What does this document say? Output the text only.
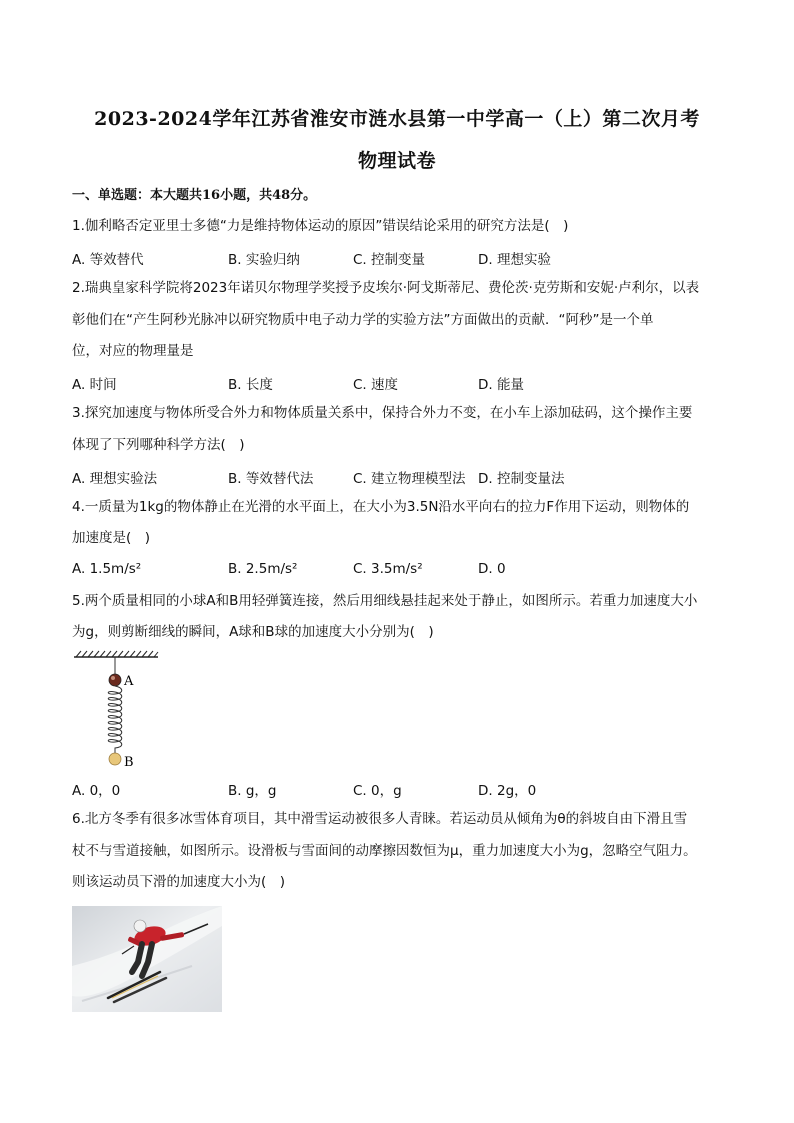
2023-2024学年江苏省淮安市涟水县第一中学高一（上）第二次月考
物理试卷
一、单选题：本大题共16小题，共48分。
1.伽利略否定亚里士多德“力是维持物体运动的原因”错误结论采用的研究方法是(　)
A. 等效替代	B. 实验归纳	C. 控制变量	D. 理想实验
2.瑞典皇家科学院将2023年诺贝尔物理学奖授予皮埃尔·阿戈斯蒂尼、费伦茨·克劳斯和安妮·卢利尔，以表
彰他们在“产生阿秒光脉冲以研究物质中电子动力学的实验方法”方面做出的贡献．“阿秒”是一个单
位，对应的物理量是
A. 时间	B. 长度	C. 速度	D. 能量
3.探究加速度与物体所受合外力和物体质量关系中，保持合外力不变，在小车上添加砝码，这个操作主要
体现了下列哪种科学方法(　)
A. 理想实验法	B. 等效替代法	C. 建立物理模型法 D. 控制变量法
4.一质量为1kg的物体静止在光滑的水平面上，在大小为3.5N沿水平向右的拉力F作用下运动，则物体的
加速度是(　)
A. 1.5m/s²	B. 2.5m/s²	C. 3.5m/s²	D. 0
5.两个质量相同的小球A和B用轻弹簧连接，然后用细线悬挂起来处于静止，如图所示。若重力加速度大小
为g，则剪断细线的瞬间，A球和B球的加速度大小分别为(　)
A
B
A. 0，0	B. g，g	C. 0，g	D. 2g，0
6.北方冬季有很多冰雪体育项目，其中滑雪运动被很多人青睐。若运动员从倾角为θ的斜坡自由下滑且雪
杖不与雪道接触，如图所示。设滑板与雪面间的动摩擦因数恒为μ，重力加速度大小为g，忽略空气阻力。
则该运动员下滑的加速度大小为(　)
